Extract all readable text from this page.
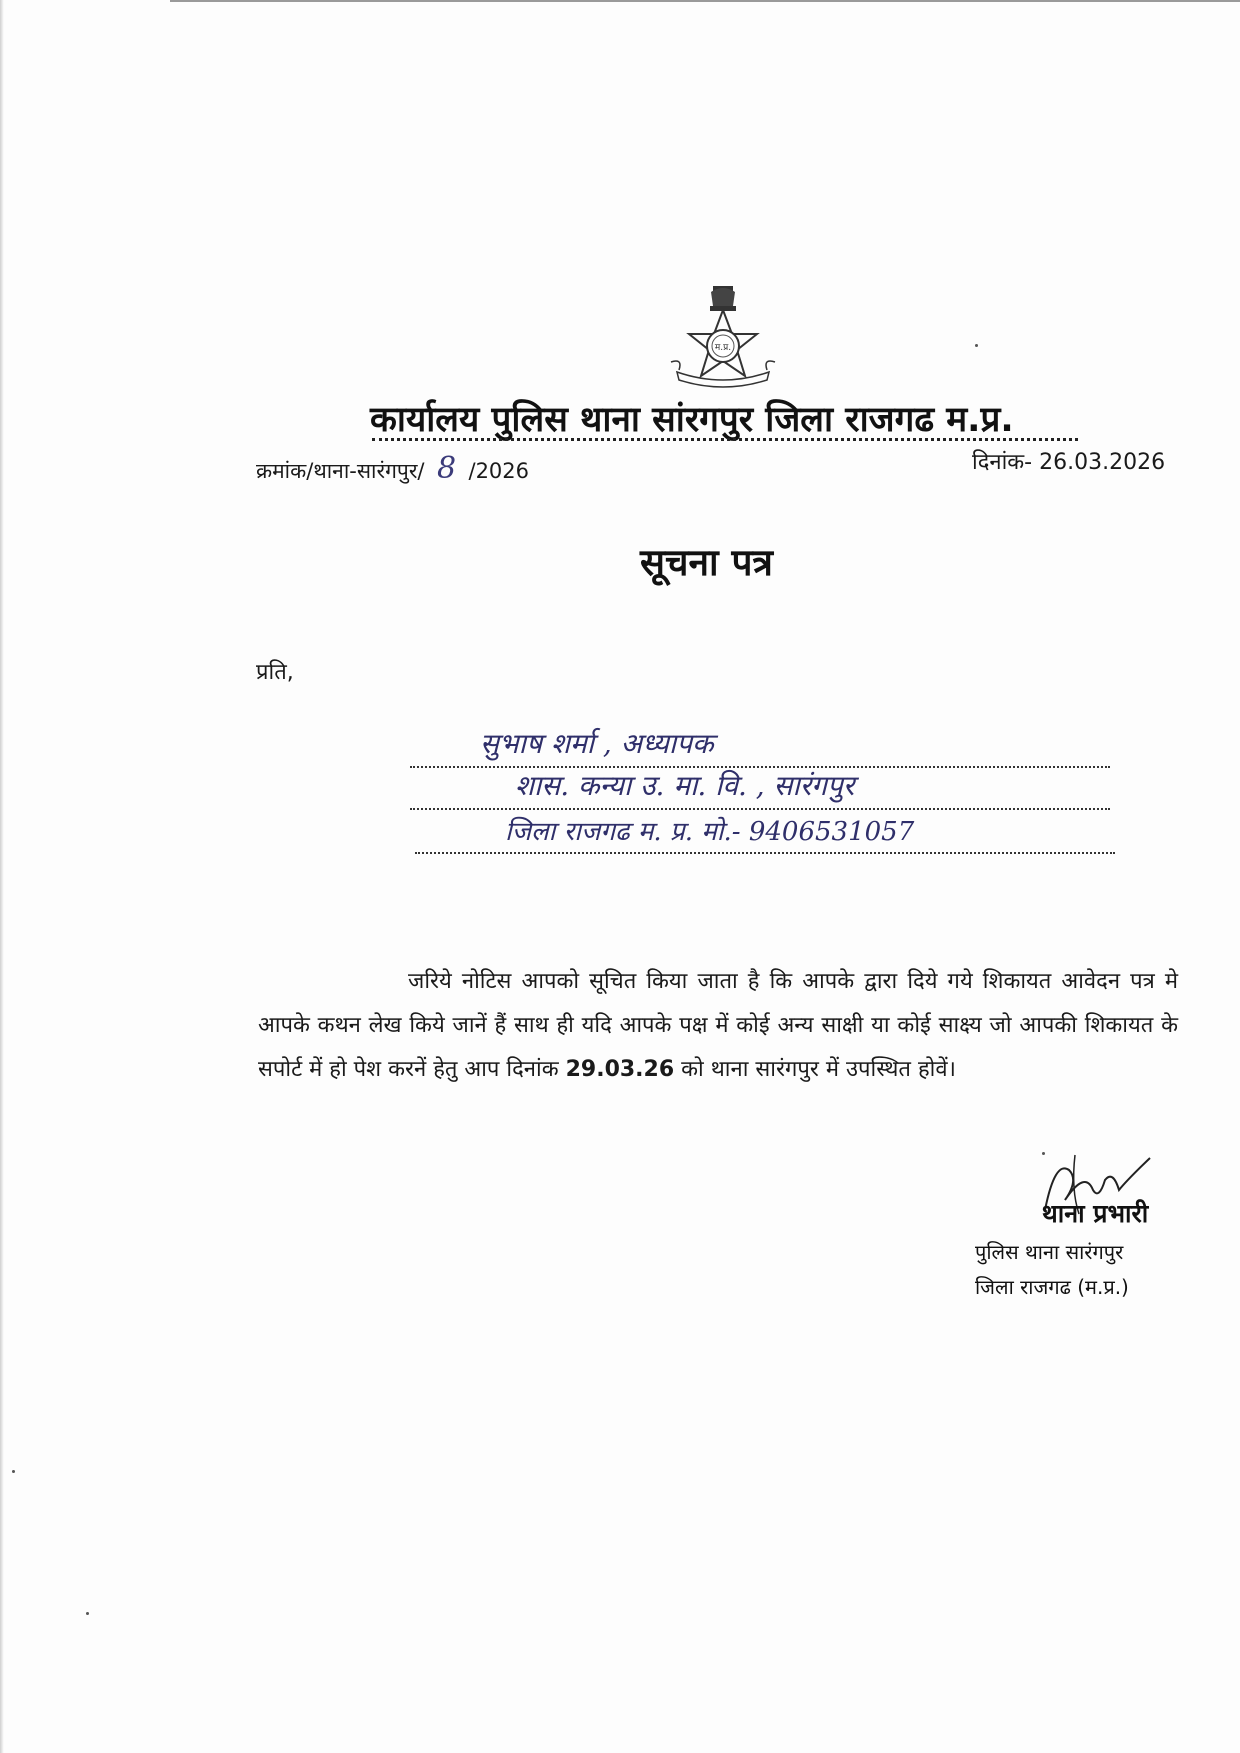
म.प्र.
कार्यालय पुलिस थाना सांरगपुर जिला राजगढ म.प्र.
क्रमांक/थाना-सारंगपुर/ 8 /2026	दिनांक- 26.03.2026
सूचना पत्र
प्रति,
सुभाष शर्मा , अध्यापक
शास. कन्या उ. मा. वि. , सारंगपुर
जिला राजगढ म. प्र. मो.- 9406531057
जरिये नोटिस आपको सूचित किया जाता है कि आपके द्वारा दिये गये शिकायत आवेदन पत्र मे आपके कथन लेख किये जानें हैं साथ ही यदि आपके पक्ष में कोई अन्य साक्षी या कोई साक्ष्य जो आपकी शिकायत के सपोर्ट में हो पेश करनें हेतु आप दिनांक 29.03.26 को थाना सारंगपुर में उपस्थित होवें।
थाना प्रभारी
पुलिस थाना सारंगपुर
जिला राजगढ (म.प्र.)
